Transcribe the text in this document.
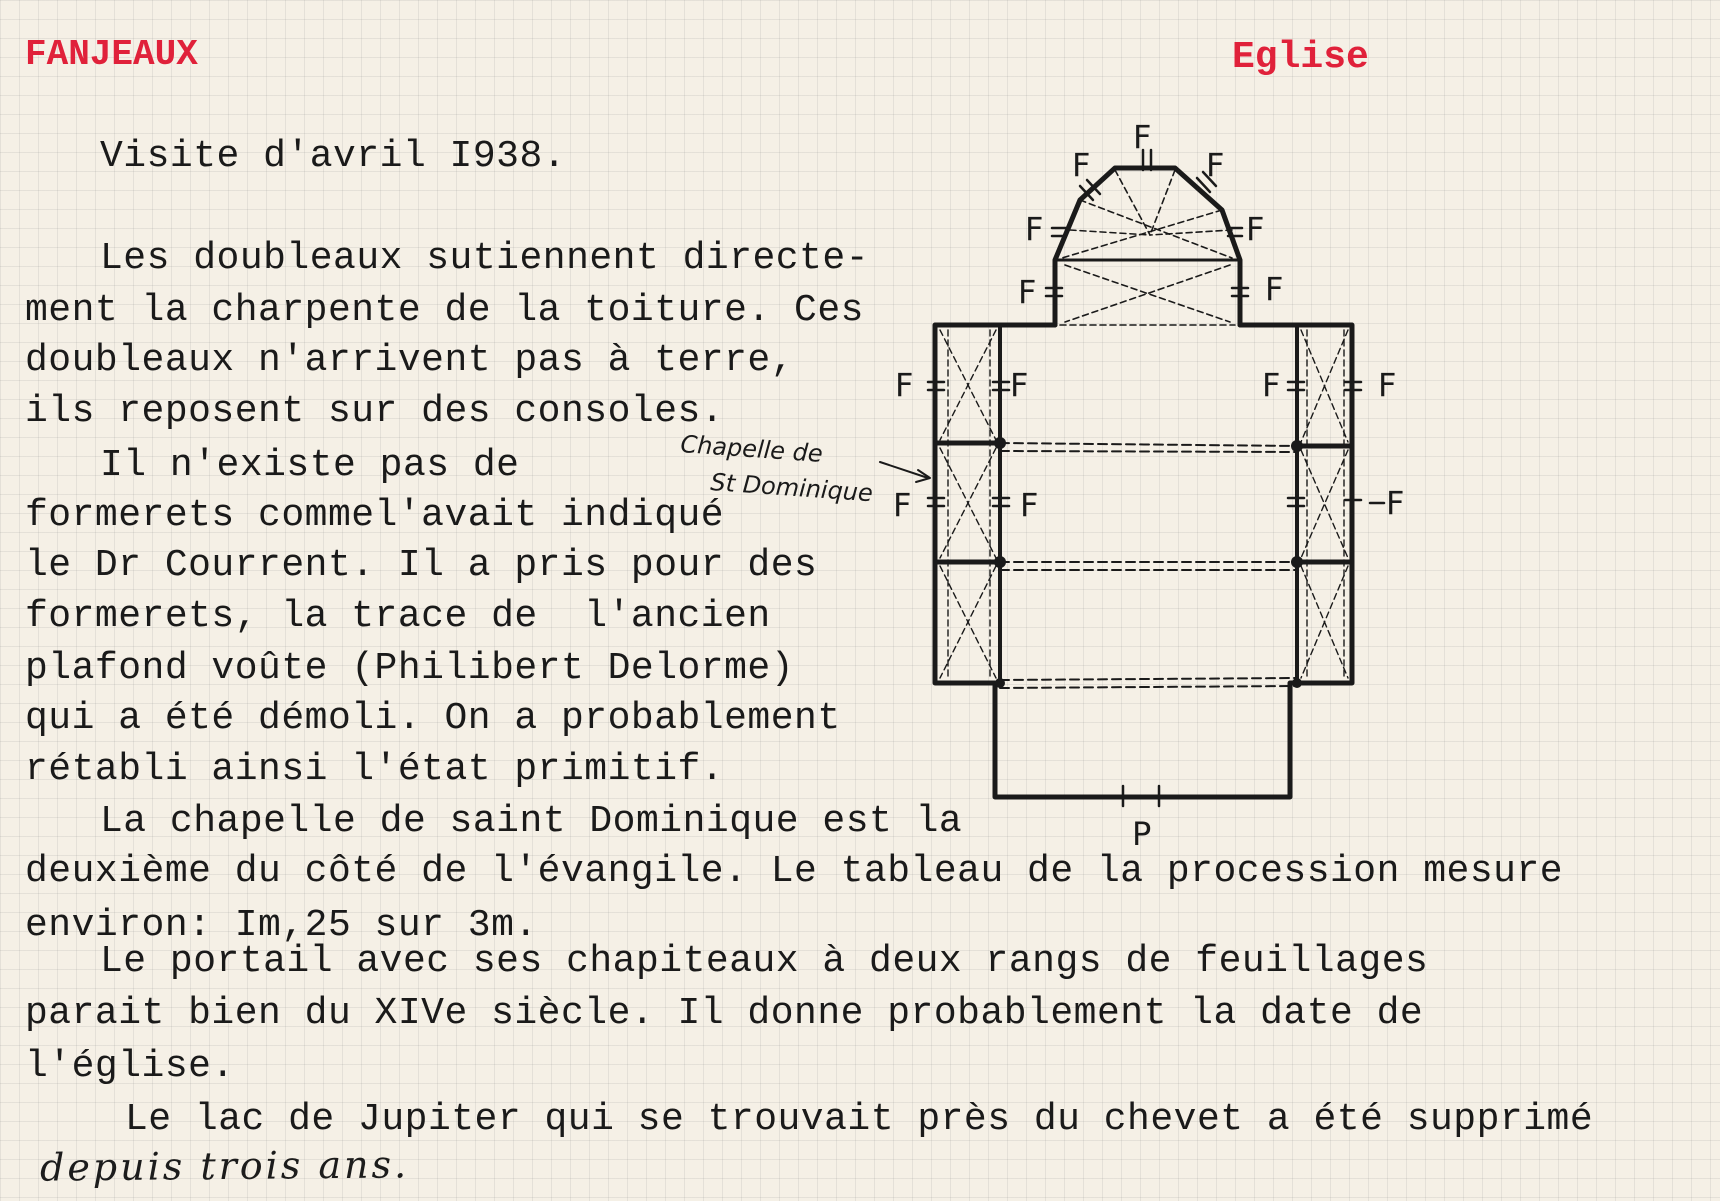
FANJEAUX	Eglise
Visite d'avril I938.
Les doubleaux sutiennent directe-
ment la charpente de la toiture. Ces
doubleaux n'arrivent pas à terre,
ils reposent sur des consoles.
Il n'existe pas de
formerets commel'avait indiqué
le Dr Courrent. Il a pris pour des
formerets, la trace de  l'ancien
plafond voûte (Philibert Delorme)
qui a été démoli. On a probablement
rétabli ainsi l'état primitif.
La chapelle de saint Dominique est la
deuxième du côté de l'évangile. Le tableau de la procession mesure
environ: Im,25 sur 3m.
Le portail avec ses chapiteaux à deux rangs de feuillages
parait bien du XIVe siècle. Il donne probablement la date de
l'église.
Le lac de Jupiter qui se trouvait près du chevet a été supprimé
depuis trois ans.
F
F	F
F	F
F	F
F	F	F	F
F	F	F
P
Chapelle de
St Dominique
